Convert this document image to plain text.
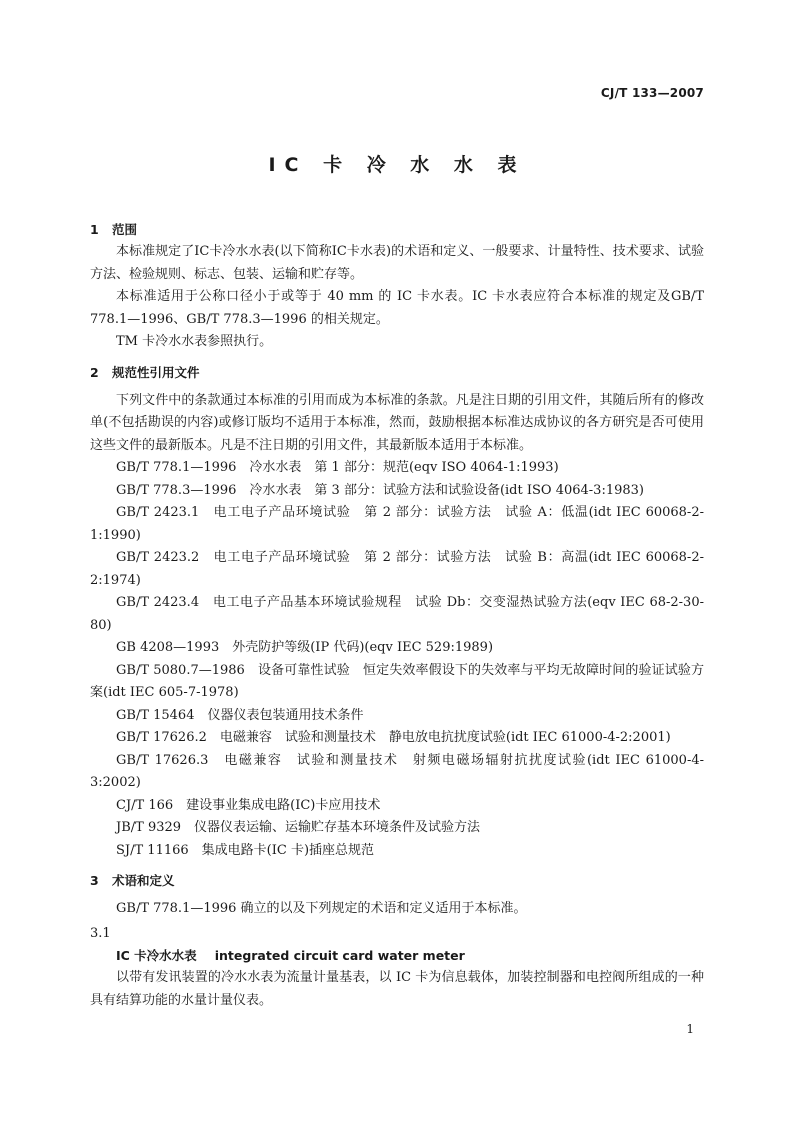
CJ/T 133—2007
IC 卡 冷 水 水 表
1 范围

本标准规定了IC卡冷水水表(以下简称IC卡水表)的术语和定义、一般要求、计量特性、技术要求、试验方法、检验规则、标志、包装、运输和贮存等。

本标准适用于公称口径小于或等于 40 mm 的 IC 卡水表。IC 卡水表应符合本标准的规定及GB/T 778.1—1996、GB/T 778.3—1996 的相关规定。

TM 卡冷水水表参照执行。

2 规范性引用文件

下列文件中的条款通过本标准的引用而成为本标准的条款。凡是注日期的引用文件，其随后所有的修改单(不包括勘误的内容)或修订版均不适用于本标准，然而，鼓励根据本标准达成协议的各方研究是否可使用这些文件的最新版本。凡是不注日期的引用文件，其最新版本适用于本标准。

GB/T 778.1—1996　冷水水表　第 1 部分：规范(eqv ISO 4064-1:1993)

GB/T 778.3—1996　冷水水表　第 3 部分：试验方法和试验设备(idt ISO 4064-3:1983)

GB/T 2423.1　电工电子产品环境试验　第 2 部分：试验方法　试验 A：低温(idt IEC 60068-2-1:1990)

GB/T 2423.2　电工电子产品环境试验　第 2 部分：试验方法　试验 B：高温(idt IEC 60068-2-2:1974)

GB/T 2423.4　电工电子产品基本环境试验规程　试验 Db：交变湿热试验方法(eqv IEC 68-2-30-80)

GB 4208—1993　外壳防护等级(IP 代码)(eqv IEC 529:1989)

GB/T 5080.7—1986　设备可靠性试验　恒定失效率假设下的失效率与平均无故障时间的验证试验方案(idt IEC 605-7-1978)

GB/T 15464　仪器仪表包装通用技术条件

GB/T 17626.2　电磁兼容　试验和测量技术　静电放电抗扰度试验(idt IEC 61000-4-2:2001)

GB/T 17626.3　电磁兼容　试验和测量技术　射频电磁场辐射抗扰度试验(idt IEC 61000-4-3:2002)

CJ/T 166　建设事业集成电路(IC)卡应用技术

JB/T 9329　仪器仪表运输、运输贮存基本环境条件及试验方法

SJ/T 11166　集成电路卡(IC 卡)插座总规范

3 术语和定义

GB/T 778.1—1996 确立的以及下列规定的术语和定义适用于本标准。

3.1
IC 卡冷水水表 integrated circuit card water meter

以带有发讯装置的冷水水表为流量计量基表，以 IC 卡为信息载体，加装控制器和电控阀所组成的一种具有结算功能的水量计量仪表。

1
